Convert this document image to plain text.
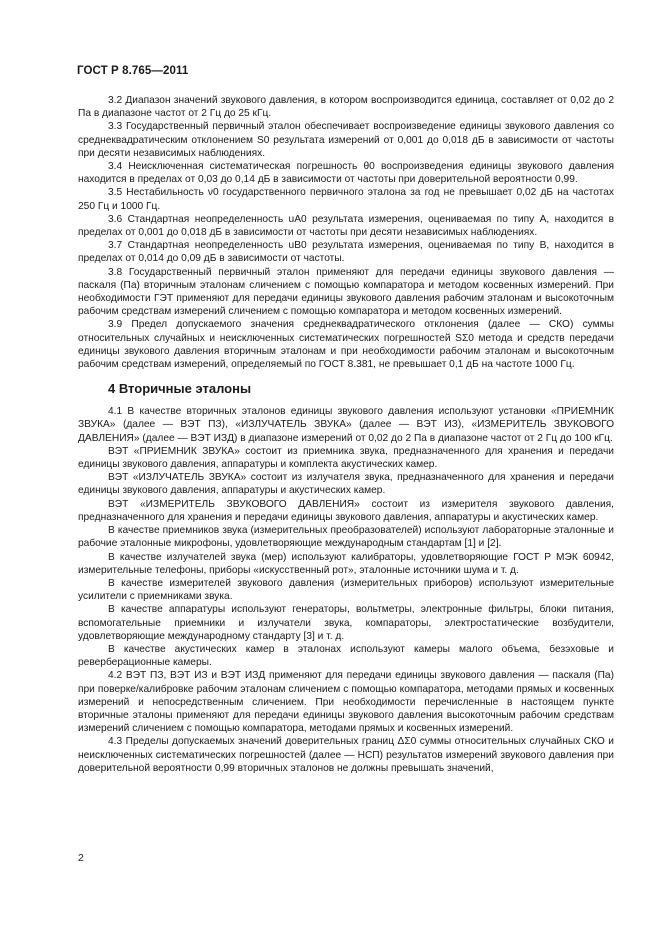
ГОСТ Р 8.765—2011

3.2 Диапазон значений звукового давления, в котором воспроизводится единица, составляет от 0,02 до 2 Па в диапазоне частот от 2 Гц до 25 кГц.

3.3 Государственный первичный эталон обеспечивает воспроизведение единицы звукового давления со среднеквадратическим отклонением S0 результата измерений от 0,001 до 0,018 дБ в зависимости от частоты при десяти независимых наблюдениях.

3.4 Неисключенная систематическая погрешность θ0 воспроизведения единицы звукового давления находится в пределах от 0,03 до 0,14 дБ в зависимости от частоты при доверительной вероятности 0,99.

3.5 Нестабильность ν0 государственного первичного эталона за год не превышает 0,02 дБ на частотах 250 Гц и 1000 Гц.

3.6 Стандартная неопределенность uA0 результата измерения, оцениваемая по типу А, находится в пределах от 0,001 до 0,018 дБ в зависимости от частоты при десяти независимых наблюдениях.

3.7 Стандартная неопределенность uB0 результата измерения, оцениваемая по типу В, находится в пределах от 0,014 до 0,09 дБ в зависимости от частоты.

3.8 Государственный первичный эталон применяют для передачи единицы звукового давления — паскаля (Па) вторичным эталонам сличением с помощью компаратора и методом косвенных измерений. При необходимости ГЭТ применяют для передачи единицы звукового давления рабочим эталонам и высокоточным рабочим средствам измерений сличением с помощью компаратора и методом косвенных измерений.

3.9 Предел допускаемого значения среднеквадратического отклонения (далее — СКО) суммы относительных случайных и неисключенных систематических погрешностей SΣ0 метода и средств передачи единицы звукового давления вторичным эталонам и при необходимости рабочим эталонам и высокоточным рабочим средствам измерений, определяемый по ГОСТ 8.381, не превышает 0,1 дБ на частоте 1000 Гц.

4 Вторичные эталоны

4.1 В качестве вторичных эталонов единицы звукового давления используют установки «ПРИЕМНИК ЗВУКА» (далее — ВЭТ ПЗ), «ИЗЛУЧАТЕЛЬ ЗВУКА» (далее — ВЭТ ИЗ), «ИЗМЕРИТЕЛЬ ЗВУКОВОГО ДАВЛЕНИЯ» (далее — ВЭТ ИЗД) в диапазоне измерений от 0,02 до 2 Па в диапазоне частот от 2 Гц до 100 кГц.

ВЭТ «ПРИЕМНИК ЗВУКА» состоит из приемника звука, предназначенного для хранения и передачи единицы звукового давления, аппаратуры и комплекта акустических камер.

ВЭТ «ИЗЛУЧАТЕЛЬ ЗВУКА» состоит из излучателя звука, предназначенного для хранения и передачи единицы звукового давления, аппаратуры и акустических камер.

ВЭТ «ИЗМЕРИТЕЛЬ ЗВУКОВОГО ДАВЛЕНИЯ» состоит из измерителя звукового давления, предназначенного для хранения и передачи единицы звукового давления, аппаратуры и акустических камер.

В качестве приемников звука (измерительных преобразователей) используют лабораторные эталонные и рабочие эталонные микрофоны, удовлетворяющие международным стандартам [1] и [2].

В качестве излучателей звука (мер) используют калибраторы, удовлетворяющие ГОСТ Р МЭК 60942, измерительные телефоны, приборы «искусственный рот», эталонные источники шума и т. д.

В качестве измерителей звукового давления (измерительных приборов) используют измерительные усилители с приемниками звука.

В качестве аппаратуры используют генераторы, вольтметры, электронные фильтры, блоки питания, вспомогательные приемники и излучатели звука, компараторы, электростатические возбудители, удовлетворяющие международному стандарту [3] и т. д.

В качестве акустических камер в эталонах используют камеры малого объема, безэховые и реверберационные камеры.

4.2 ВЭТ ПЗ, ВЭТ ИЗ и ВЭТ ИЗД применяют для передачи единицы звукового давления — паскаля (Па) при поверке/калибровке рабочим эталонам сличением с помощью компаратора, методами прямых и косвенных измерений и непосредственным сличением. При необходимости перечисленные в настоящем пункте вторичные эталоны применяют для передачи единицы звукового давления высокоточным рабочим средствам измерений сличением с помощью компаратора, методами прямых и косвенных измерений.

4.3 Пределы допускаемых значений доверительных границ ΔΣ0 суммы относительных случайных СКО и неисключенных систематических погрешностей (далее — НСП) результатов измерений звукового давления при доверительной вероятности 0,99 вторичных эталонов не должны превышать значений,

2
